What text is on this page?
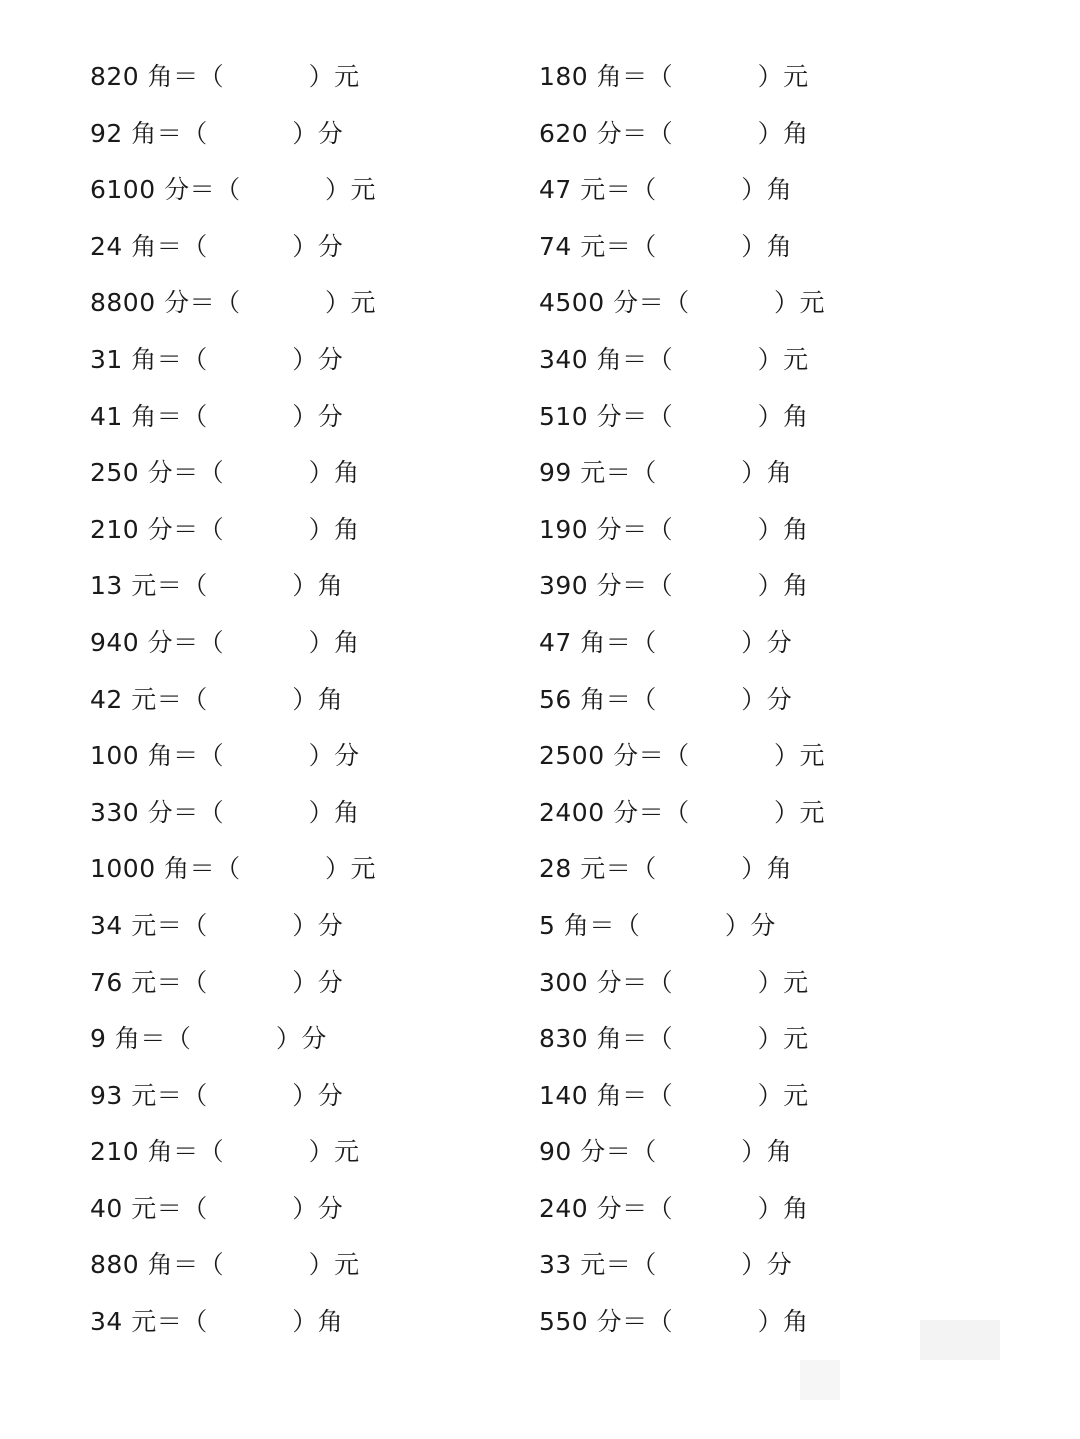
820 角＝（          ）元
92 角＝（          ）分
6100 分＝（          ）元
24 角＝（          ）分
8800 分＝（          ）元
31 角＝（          ）分
41 角＝（          ）分
250 分＝（          ）角
210 分＝（          ）角
13 元＝（          ）角
940 分＝（          ）角
42 元＝（          ）角
100 角＝（          ）分
330 分＝（          ）角
1000 角＝（          ）元
34 元＝（          ）分
76 元＝（          ）分
9 角＝（          ）分
93 元＝（          ）分
210 角＝（          ）元
40 元＝（          ）分
880 角＝（          ）元
34 元＝（          ）角
180 角＝（          ）元
620 分＝（          ）角
47 元＝（          ）角
74 元＝（          ）角
4500 分＝（          ）元
340 角＝（          ）元
510 分＝（          ）角
99 元＝（          ）角
190 分＝（          ）角
390 分＝（          ）角
47 角＝（          ）分
56 角＝（          ）分
2500 分＝（          ）元
2400 分＝（          ）元
28 元＝（          ）角
5 角＝（          ）分
300 分＝（          ）元
830 角＝（          ）元
140 角＝（          ）元
90 分＝（          ）角
240 分＝（          ）角
33 元＝（          ）分
550 分＝（          ）角
